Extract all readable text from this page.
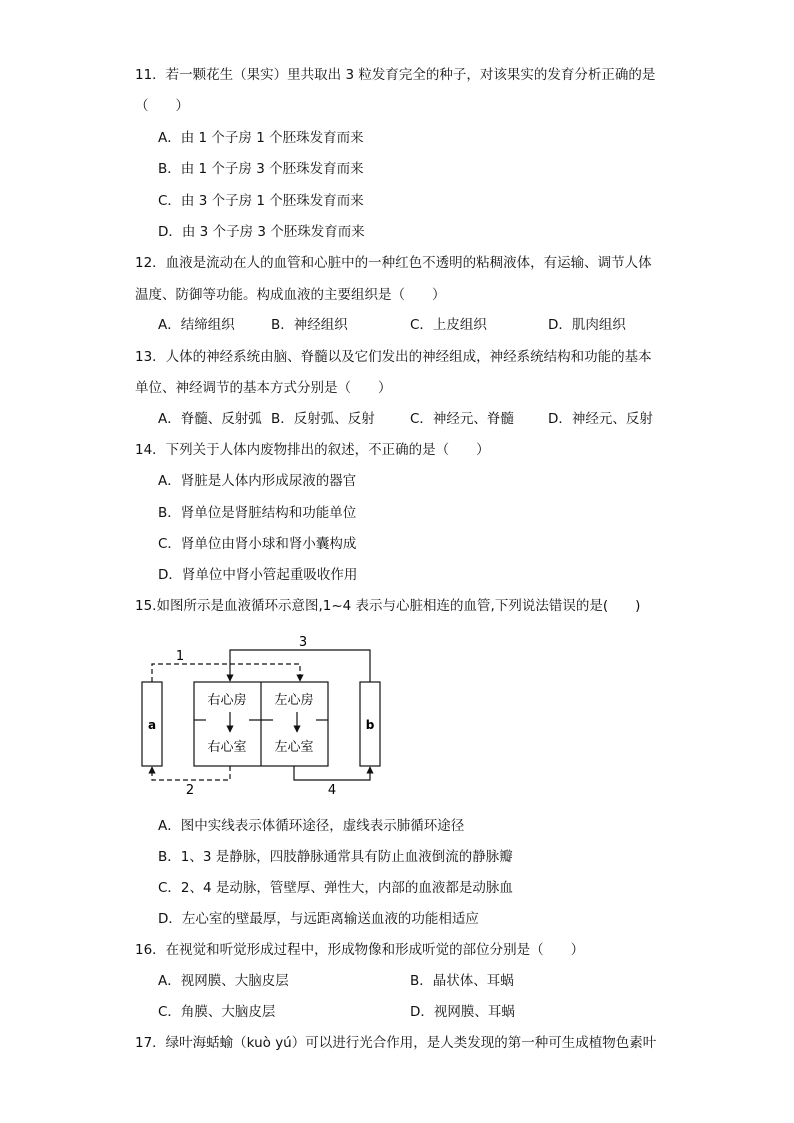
11．若一颗花生（果实）里共取出 3 粒发育完全的种子，对该果实的发育分析正确的是
（　　）
A．由 1 个子房 1 个胚珠发育而来
B．由 1 个子房 3 个胚珠发育而来
C．由 3 个子房 1 个胚珠发育而来
D．由 3 个子房 3 个胚珠发育而来
12．血液是流动在人的血管和心脏中的一种红色不透明的粘稠液体，有运输、调节人体
温度、防御等功能。构成血液的主要组织是（　　）
A．结缔组织	B．神经组织	C．上皮组织	D．肌肉组织
13．人体的神经系统由脑、脊髓以及它们发出的神经组成，神经系统结构和功能的基本
单位、神经调节的基本方式分别是（　　）
A．脊髓、反射弧 B．反射弧、反射	C．神经元、脊髓	D．神经元、反射
14．下列关于人体内废物排出的叙述，不正确的是（　　）
A．肾脏是人体内形成尿液的器官
B．肾单位是肾脏结构和功能单位
C．肾单位由肾小球和肾小囊构成
D．肾单位中肾小管起重吸收作用
15.如图所示是血液循环示意图,1~4 表示与心脏相连的血管,下列说法错误的是(　　)
a	b
右心房 左心房
右心室 左心室
3
1
2	4
A．图中实线表示体循环途径，虚线表示肺循环途径
B．1、3 是静脉，四肢静脉通常具有防止血液倒流的静脉瓣
C．2、4 是动脉，管壁厚、弹性大，内部的血液都是动脉血
D．左心室的壁最厚，与远距离输送血液的功能相适应
16．在视觉和听觉形成过程中，形成物像和形成听觉的部位分别是（　　）
A．视网膜、大脑皮层	B．晶状体、耳蜗
C．角膜、大脑皮层	D．视网膜、耳蜗
17．绿叶海蛞蝓（kuò yú）可以进行光合作用，是人类发现的第一种可生成植物色素叶
